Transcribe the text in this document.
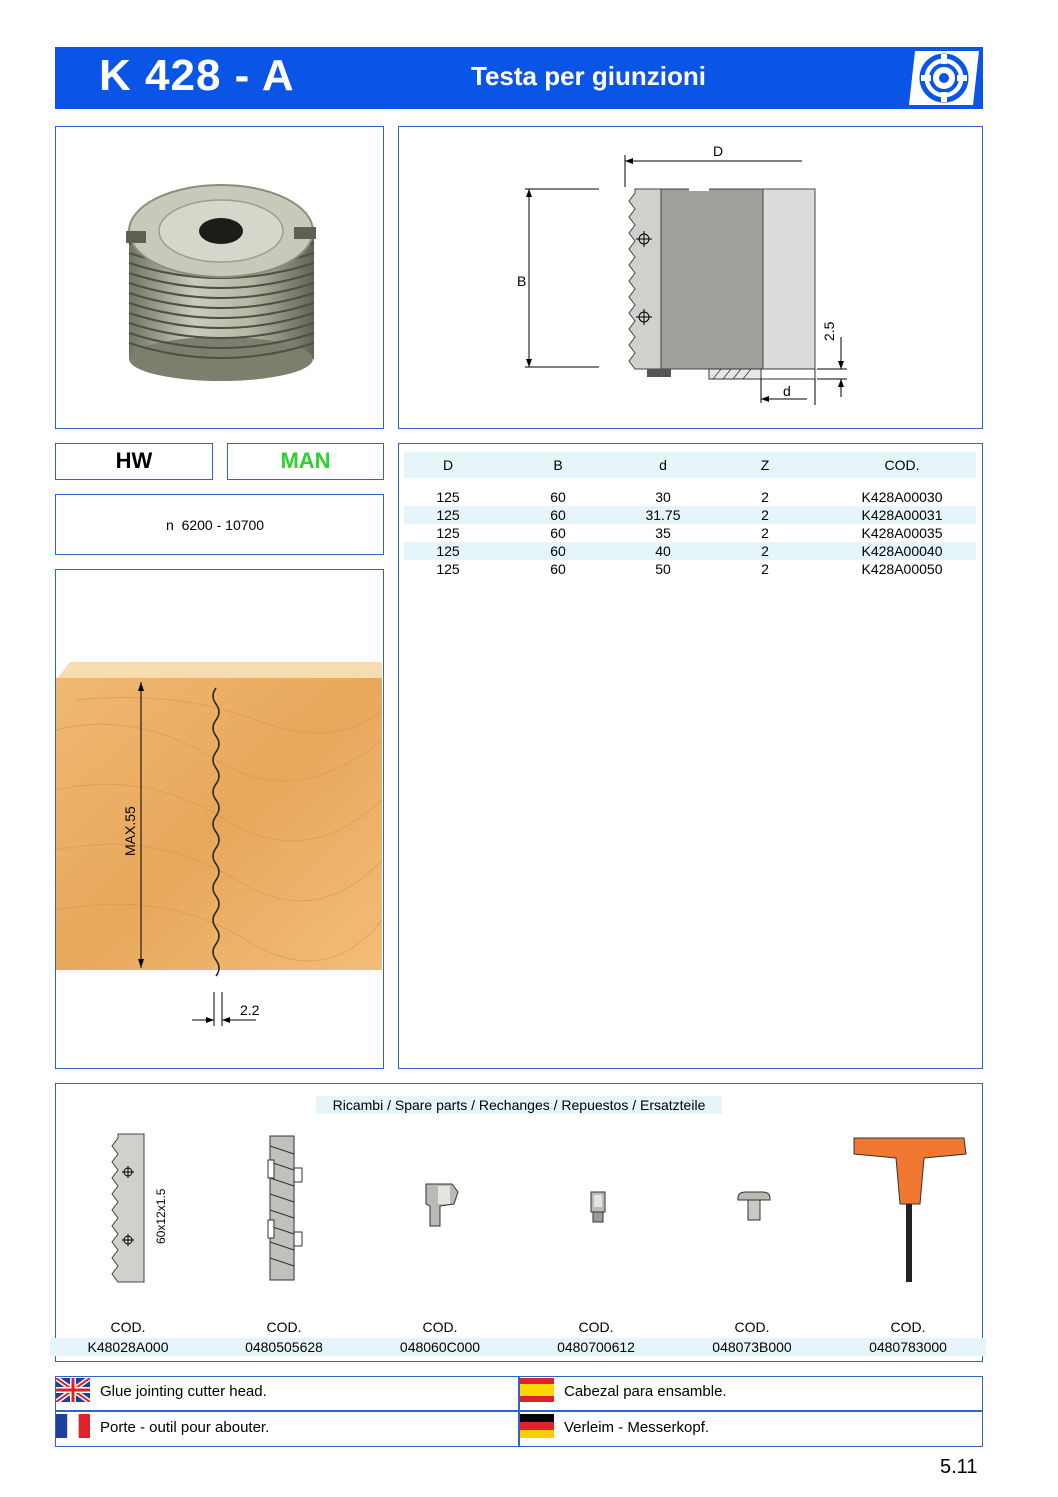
K 428 - A	Testa per giunzioni
D
B
d
2.5
HW	MAN
n  6200 - 10700
MAX.55
2.2
D	B	d	Z	COD.

125	60	30	2	K428A00030
125	60	31.75	2	K428A00031
125	60	35	2	K428A00035
125	60	40	2	K428A00040
125	60	50	2	K428A00050
Ricambi / Spare parts / Rechanges / Repuestos / Ersatzteile
60x12x1.5
COD.
K48028A000
COD.
0480505628
COD.
048060C000
COD.
0480700612
COD.
048073B000
COD.
0480783000
Glue jointing cutter head.
Porte - outil pour abouter.
Cabezal para ensamble.
Verleim - Messerkopf.
5.11
